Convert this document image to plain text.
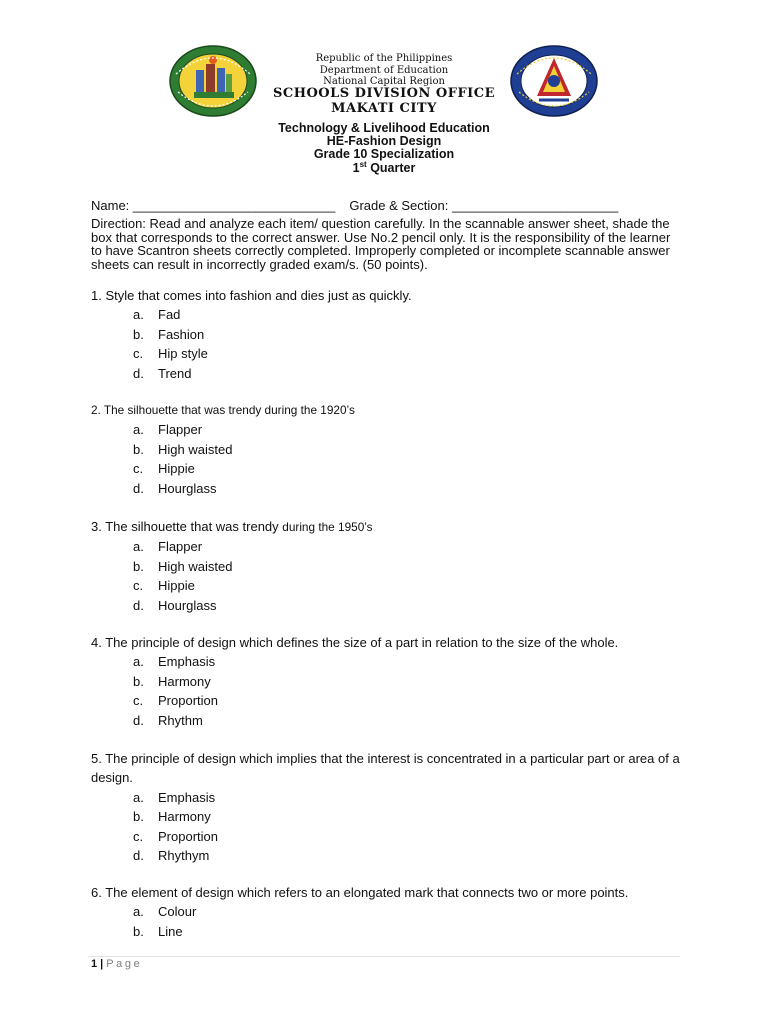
Republic of the Philippines
Department of Education
National Capital Region
SCHOOLS DIVISION OFFICE
MAKATI CITY
Technology & Livelihood Education
HE-Fashion Design
Grade 10 Specialization
1st Quarter
Name: ____________________________ Grade & Section: _______________________
Direction: Read and analyze each item/ question carefully. In the scannable answer sheet, shade the box that corresponds to the correct answer. Use No.2 pencil only. It is the responsibility of the learner to have Scantron sheets correctly completed. Improperly completed or incomplete scannable answer sheets can result in incorrectly graded exam/s. (50 points).

1. Style that comes into fashion and dies just as quickly.

a. Fad
b. Fashion
c. Hip style
d. Trend

2. The silhouette that was trendy during the 1920’s

a. Flapper
b. High waisted
c. Hippie
d. Hourglass

3. The silhouette that was trendy during the 1950’s

a. Flapper
b. High waisted
c. Hippie
d. Hourglass

4. The principle of design which defines the size of a part in relation to the size of the whole.

a. Emphasis
b. Harmony
c. Proportion
d. Rhythm

5. The principle of design which implies that the interest is concentrated in a particular part or area of a design.

a. Emphasis
b. Harmony
c. Proportion
d. Rhythym

6. The element of design which refers to an elongated mark that connects two or more points.

a. Colour
b. Line
1 | Page
